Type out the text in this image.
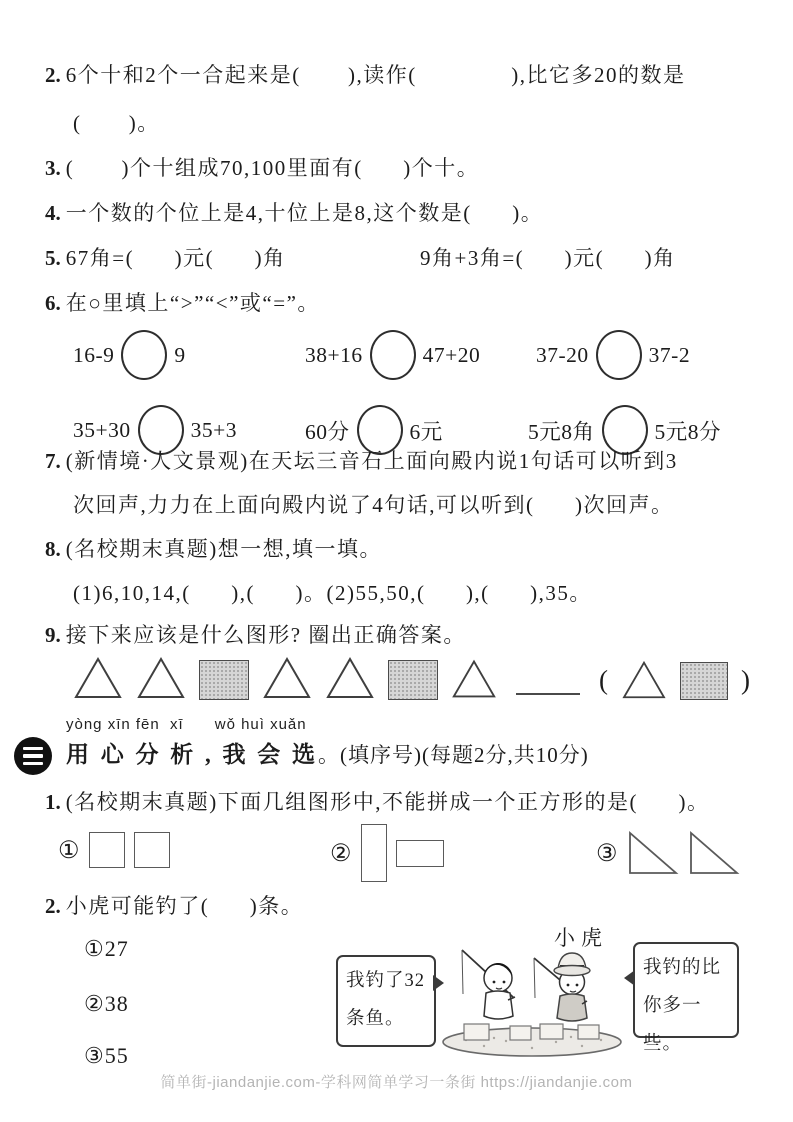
2. 6个十和2个一合起来是(       ),读作(              ),比它多20的数是
(       )。
3. (       )个十组成70,100里面有(      )个十。
4. 一个数的个位上是4,十位上是8,这个数是(      )。
5. 67角=(      )元(      )角	9角+3角=(      )元(      )角
6. 在○里填上“>”“<”或“=”。
16-9	9	38+16	47+20	37-20	37-2
35+30	35+3	60分	6元	5元8角	5元8分
7. (新情境·人文景观)在天坛三音石上面向殿内说1句话可以听到3
次回声,力力在上面向殿内说了4句话,可以听到(      )次回声。
8. (名校期末真题)想一想,填一填。
(1)6,10,14,(      ),(      )。(2)55,50,(      ),(      ),35。
9. 接下来应该是什么图形? 圈出正确答案。
(	)
yòng xīn fēn  xī      wǒ huì xuǎn
用 心 分 析 , 我 会 选。(填序号)(每题2分,共10分)
1. (名校期末真题)下面几组图形中,不能拼成一个正方形的是(      )。
①	②	③
2. 小虎可能钓了(      )条。
①27
②38
③55
我钓了32条鱼。
小虎
我钓的比你多一些。
简单街-jiandanjie.com-学科网简单学习一条街 https://jiandanjie.com
